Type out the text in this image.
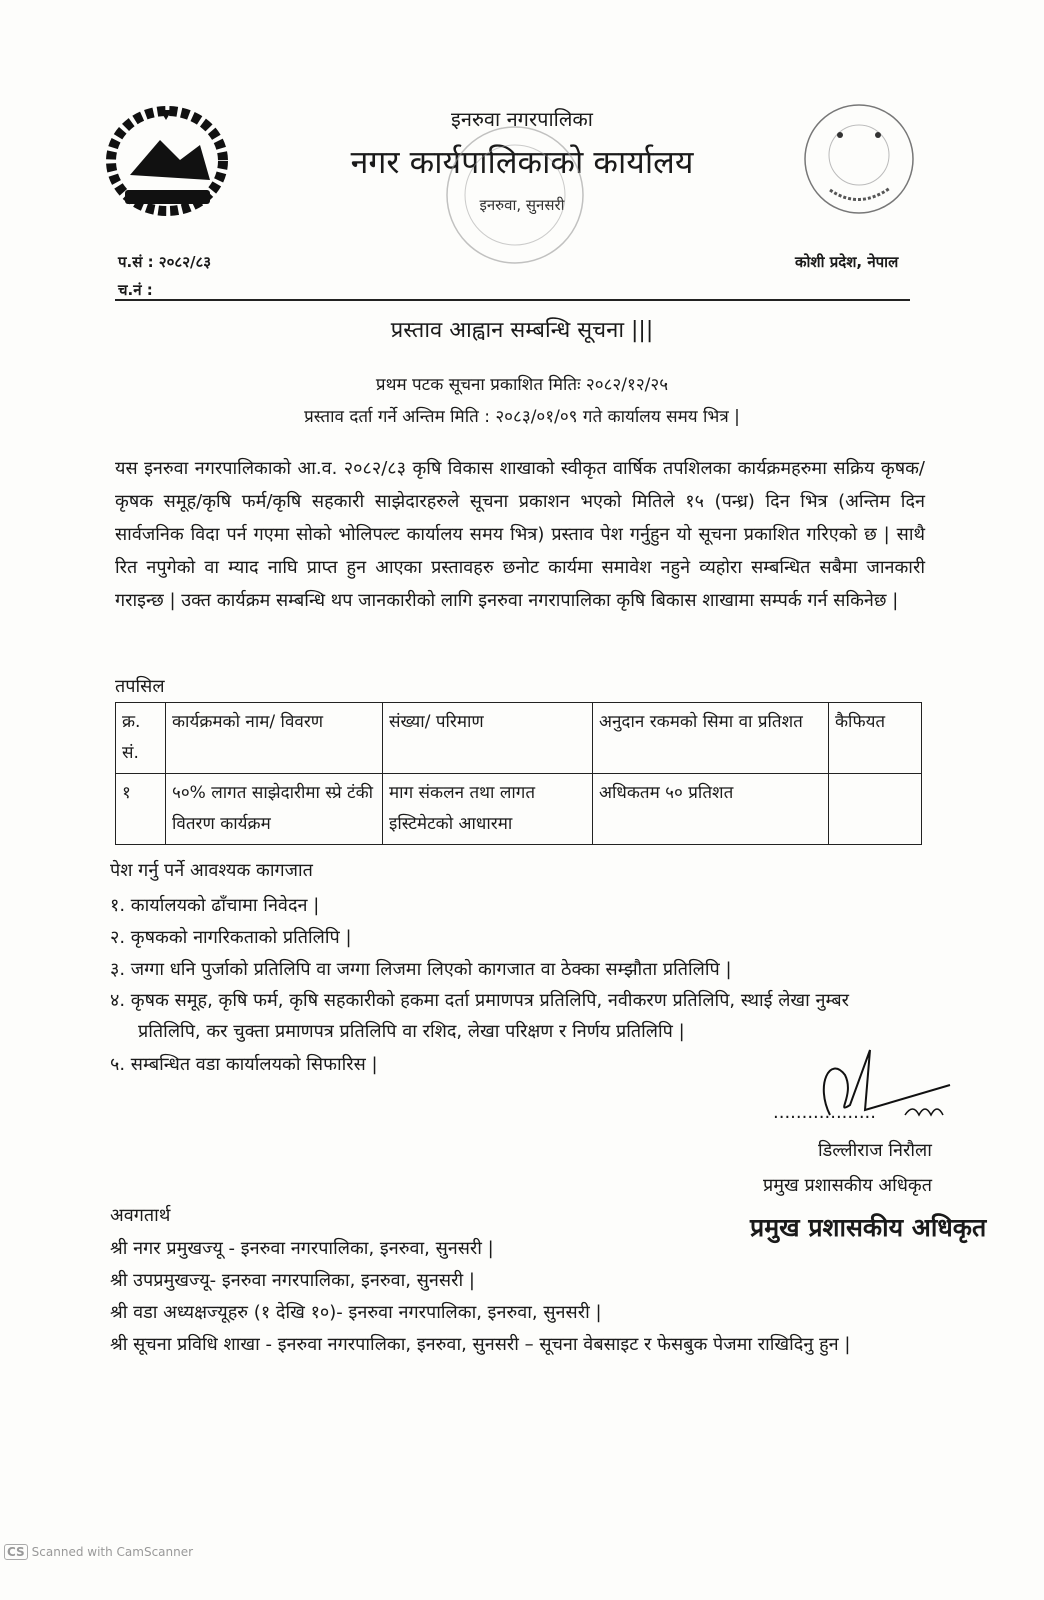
इनरुवा नगरपालिका
नगर कार्यपालिकाको कार्यालय
इनरुवा, सुनसरी
प.सं : २०८२/८३
च.नं :
कोशी प्रदेश, नेपाल
प्रस्ताव आह्वान सम्बन्धि सूचना |||
प्रथम पटक सूचना प्रकाशित मितिः २०८२/१२/२५
प्रस्ताव दर्ता गर्ने अन्तिम मिति : २०८३/०१/०९ गते कार्यालय समय भित्र |
यस इनरुवा नगरपालिकाको आ.व. २०८२/८३ कृषि विकास शाखाको स्वीकृत वार्षिक तपशिलका कार्यक्रमहरुमा सक्रिय कृषक/कृषक समूह/कृषि फर्म/कृषि सहकारी साझेदारहरुले सूचना प्रकाशन भएको मितिले १५ (पन्ध्र) दिन भित्र (अन्तिम दिन सार्वजनिक विदा पर्न गएमा सोको भोलिपल्ट कार्यालय समय भित्र) प्रस्ताव पेश गर्नुहुन यो सूचना प्रकाशित गरिएको छ | साथै रित नपुगेको वा म्याद नाघि प्राप्त हुन आएका प्रस्तावहरु छनोट कार्यमा समावेश नहुने व्यहोरा सम्बन्धित सबैमा जानकारी गराइन्छ | उक्त कार्यक्रम सम्बन्धि थप जानकारीको लागि इनरुवा नगरापालिका कृषि बिकास शाखामा सम्पर्क गर्न सकिनेछ |
तपसिल
क्र. सं.	कार्यक्रमको नाम/ विवरण	संख्या/ परिमाण	अनुदान रकमको सिमा वा प्रतिशत	कैफियत
१	५०% लागत साझेदारीमा स्प्रे टंकी वितरण कार्यक्रम	माग संकलन तथा लागत इस्टिमेटको आधारमा	अधिकतम ५० प्रतिशत	
पेश गर्नु पर्ने आवश्यक कागजात
१. कार्यालयको ढाँचामा निवेदन |
२. कृषकको नागरिकताको प्रतिलिपि |
३. जग्गा धनि पुर्जाको प्रतिलिपि वा जग्गा लिजमा लिएको कागजात वा ठेक्का सम्झौता प्रतिलिपि |
४. कृषक समूह, कृषि फर्म, कृषि सहकारीको हकमा दर्ता प्रमाणपत्र प्रतिलिपि, नवीकरण प्रतिलिपि, स्थाई लेखा नुम्बर
प्रतिलिपि, कर चुक्ता प्रमाणपत्र प्रतिलिपि वा रशिद, लेखा परिक्षण र निर्णय प्रतिलिपि |
५. सम्बन्धित वडा कार्यालयको सिफारिस |
..................
डिल्लीराज निरौला
प्रमुख प्रशासकीय अधिकृत
प्रमुख प्रशासकीय अधिकृत
अवगतार्थ
श्री नगर प्रमुखज्यू - इनरुवा नगरपालिका, इनरुवा, सुनसरी |
श्री उपप्रमुखज्यू- इनरुवा नगरपालिका, इनरुवा, सुनसरी |
श्री वडा अध्यक्षज्यूहरु (१ देखि १०)- इनरुवा नगरपालिका, इनरुवा, सुनसरी |
श्री सूचना प्रविधि शाखा - इनरुवा नगरपालिका, इनरुवा, सुनसरी – सूचना वेबसाइट र फेसबुक पेजमा राखिदिनु हुन |
CS Scanned with CamScanner
